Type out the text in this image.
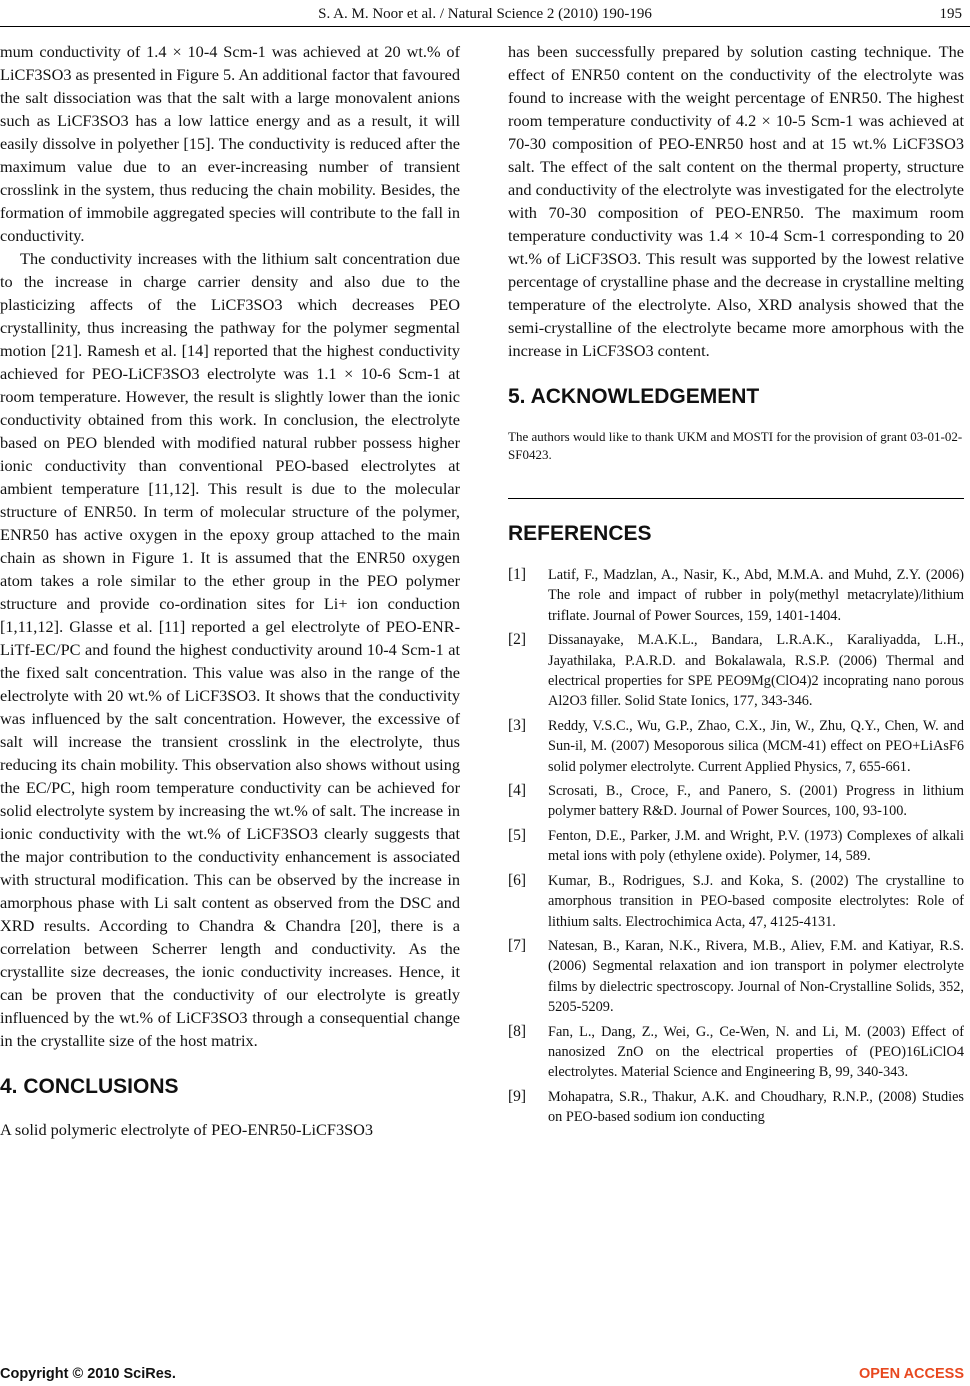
S. A. M. Noor et al. / Natural Science 2 (2010) 190-196	195

mum conductivity of 1.4 × 10-4 Scm-1 was achieved at 20 wt.% of LiCF3SO3 as presented in Figure 5. An additional factor that favoured the salt dissociation was that the salt with a large monovalent anions such as LiCF3SO3 has a low lattice energy and as a result, it will easily dissolve in polyether [15]. The conductivity is reduced after the maximum value due to an ever-increasing number of transient crosslink in the system, thus reducing the chain mobility. Besides, the formation of immobile aggregated species will contribute to the fall in conductivity.

The conductivity increases with the lithium salt concentration due to the increase in charge carrier density and also due to the plasticizing affects of the LiCF3SO3 which decreases PEO crystallinity, thus increasing the pathway for the polymer segmental motion [21]. Ramesh et al. [14] reported that the highest conductivity achieved for PEO-LiCF3SO3 electrolyte was 1.1 × 10-6 Scm-1 at room temperature. However, the result is slightly lower than the ionic conductivity obtained from this work. In conclusion, the electrolyte based on PEO blended with modified natural rubber possess higher ionic conductivity than conventional PEO-based electrolytes at ambient temperature [11,12]. This result is due to the molecular structure of ENR50. In term of molecular structure of the polymer, ENR50 has active oxygen in the epoxy group attached to the main chain as shown in Figure 1. It is assumed that the ENR50 oxygen atom takes a role similar to the ether group in the PEO polymer structure and provide co-ordination sites for Li+ ion conduction [1,11,12]. Glasse et al. [11] reported a gel electrolyte of PEO-ENR-LiTf-EC/PC and found the highest conductivity around 10-4 Scm-1 at the fixed salt concentration. This value was also in the range of the electrolyte with 20 wt.% of LiCF3SO3. It shows that the conductivity was influenced by the salt concentration. However, the excessive of salt will increase the transient crosslink in the electrolyte, thus reducing its chain mobility. This observation also shows without using the EC/PC, high room temperature conductivity can be achieved for solid electrolyte system by increasing the wt.% of salt. The increase in ionic conductivity with the wt.% of LiCF3SO3 clearly suggests that the major contribution to the conductivity enhancement is associated with structural modification. This can be observed by the increase in amorphous phase with Li salt content as observed from the DSC and XRD results. According to Chandra & Chandra [20], there is a correlation between Scherrer length and conductivity. As the crystallite size decreases, the ionic conductivity increases. Hence, it can be proven that the conductivity of our electrolyte is greatly influenced by the wt.% of LiCF3SO3 through a consequential change in the crystallite size of the host matrix.

4. CONCLUSIONS

A solid polymeric electrolyte of PEO-ENR50-LiCF3SO3

has been successfully prepared by solution casting technique. The effect of ENR50 content on the conductivity of the electrolyte was found to increase with the weight percentage of ENR50. The highest room temperature conductivity of 4.2 × 10-5 Scm-1 was achieved at 70-30 composition of PEO-ENR50 host and at 15 wt.% LiCF3SO3 salt. The effect of the salt content on the thermal property, structure and conductivity of the electrolyte was investigated for the electrolyte with 70-30 composition of PEO-ENR50. The maximum room temperature conductivity was 1.4 × 10-4 Scm-1 corresponding to 20 wt.% of LiCF3SO3. This result was supported by the lowest relative percentage of crystalline phase and the decrease in crystalline melting temperature of the electrolyte. Also, XRD analysis showed that the semi-crystalline of the electrolyte became more amorphous with the increase in LiCF3SO3 content.

5. ACKNOWLEDGEMENT

The authors would like to thank UKM and MOSTI for the provision of grant 03-01-02-SF0423.

REFERENCES
[1] Latif, F., Madzlan, A., Nasir, K., Abd, M.M.A. and Muhd, Z.Y. (2006) The role and impact of rubber in poly(methyl metacrylate)/lithium triflate. Journal of Power Sources, 159, 1401-1404.
[2] Dissanayake, M.A.K.L., Bandara, L.R.A.K., Karaliyadda, L.H., Jayathilaka, P.A.R.D. and Bokalawala, R.S.P. (2006) Thermal and electrical properties for SPE PEO9Mg(ClO4)2 incoprating nano porous Al2O3 filler. Solid State Ionics, 177, 343-346.
[3] Reddy, V.S.C., Wu, G.P., Zhao, C.X., Jin, W., Zhu, Q.Y., Chen, W. and Sun-il, M. (2007) Mesoporous silica (MCM-41) effect on PEO+LiAsF6 solid polymer electrolyte. Current Applied Physics, 7, 655-661.
[4] Scrosati, B., Croce, F., and Panero, S. (2001) Progress in lithium polymer battery R&D. Journal of Power Sources, 100, 93-100.
[5] Fenton, D.E., Parker, J.M. and Wright, P.V. (1973) Complexes of alkali metal ions with poly (ethylene oxide). Polymer, 14, 589.
[6] Kumar, B., Rodrigues, S.J. and Koka, S. (2002) The crystalline to amorphous transition in PEO-based composite electrolytes: Role of lithium salts. Electrochimica Acta, 47, 4125-4131.
[7] Natesan, B., Karan, N.K., Rivera, M.B., Aliev, F.M. and Katiyar, R.S. (2006) Segmental relaxation and ion transport in polymer electrolyte films by dielectric spectroscopy. Journal of Non-Crystalline Solids, 352, 5205-5209.
[8] Fan, L., Dang, Z., Wei, G., Ce-Wen, N. and Li, M. (2003) Effect of nanosized ZnO on the electrical properties of (PEO)16LiClO4 electrolytes. Material Science and Engineering B, 99, 340-343.
[9] Mohapatra, S.R., Thakur, A.K. and Choudhary, R.N.P., (2008) Studies on PEO-based sodium ion conducting
Copyright © 2010 SciRes.	OPEN ACCESS
